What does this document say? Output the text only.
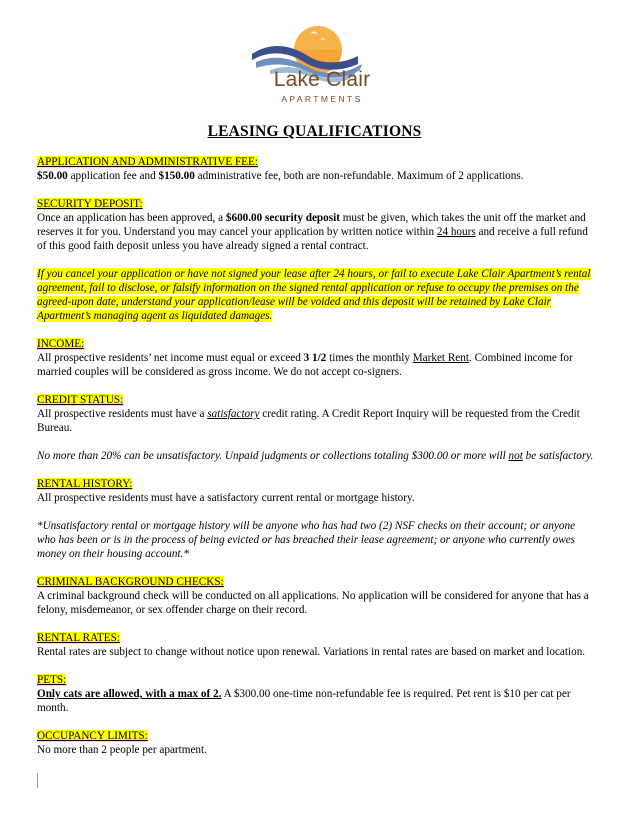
Lake Clair
APARTMENTS
LEASING QUALIFICATIONS

APPLICATION AND ADMINISTRATIVE FEE:
$50.00 application fee and $150.00 administrative fee, both are non-refundable. Maximum of 2 applications.

SECURITY DEPOSIT:
Once an application has been approved, a $600.00 security deposit must be given, which takes the unit off the market and reserves it for you. Understand you may cancel your application by written notice within 24 hours and receive a full refund of this good faith deposit unless you have already signed a rental contract.

If you cancel your application or have not signed your lease after 24 hours, or fail to execute Lake Clair Apartment’s rental agreement, fail to disclose, or falsify information on the signed rental application or refuse to occupy the premises on the agreed-upon date, understand your application/lease will be voided and this deposit will be retained by Lake Clair Apartment’s managing agent as liquidated damages.

INCOME:
All prospective residents’ net income must equal or exceed 3 1/2 times the monthly Market Rent. Combined income for married couples will be considered as gross income. We do not accept co-signers.

CREDIT STATUS:
All prospective residents must have a satisfactory credit rating. A Credit Report Inquiry will be requested from the Credit Bureau.

No more than 20% can be unsatisfactory. Unpaid judgments or collections totaling $300.00 or more will not be satisfactory.

RENTAL HISTORY:
All prospective residents must have a satisfactory current rental or mortgage history.

*Unsatisfactory rental or mortgage history will be anyone who has had two (2) NSF checks on their account; or anyone who has been or is in the process of being evicted or has breached their lease agreement; or anyone who currently owes money on their housing account.*

CRIMINAL BACKGROUND CHECKS:
A criminal background check will be conducted on all applications. No application will be considered for anyone that has a felony, misdemeanor, or sex offender charge on their record.

RENTAL RATES:
Rental rates are subject to change without notice upon renewal. Variations in rental rates are based on market and location.

PETS:
Only cats are allowed, with a max of 2. A $300.00 one-time non-refundable fee is required. Pet rent is $10 per cat per month.

OCCUPANCY LIMITS:
No more than 2 people per apartment.
